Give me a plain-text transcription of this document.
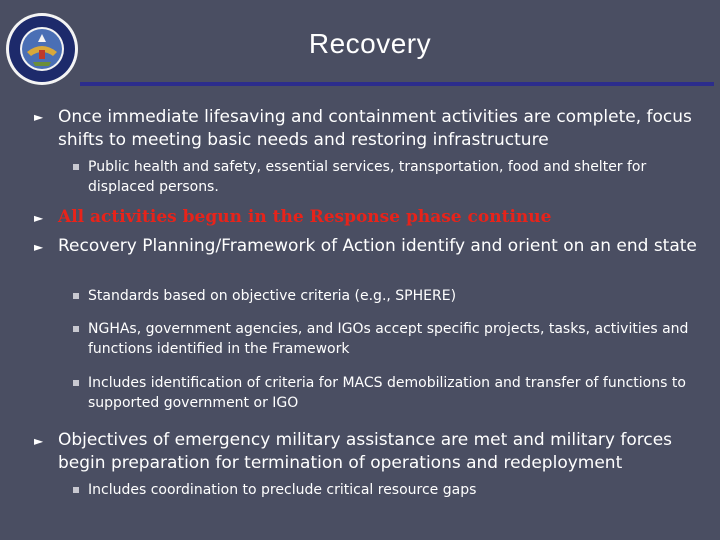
Recovery
► Once immediate lifesaving and containment activities are complete, focus shifts to meeting basic needs and restoring infrastructure
Public health and safety, essential services, transportation, food and shelter for displaced persons.
► All activities begun in the Response phase continue
► Recovery Planning/Framework of Action identify and orient on an end state
Standards based on objective criteria (e.g., SPHERE)
NGHAs, government agencies, and IGOs accept specific projects, tasks, activities and functions identified in the Framework
Includes identification of criteria for MACS demobilization and transfer of functions to supported government or IGO
► Objectives of emergency military assistance are met and military forces begin preparation for termination of operations and redeployment
Includes coordination to preclude critical resource gaps
